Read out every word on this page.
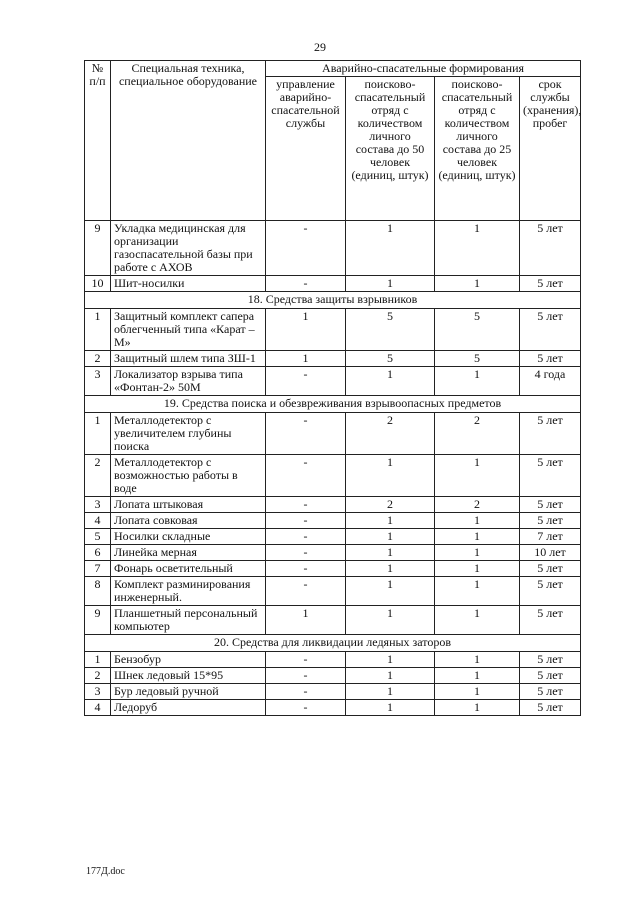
29
№
п/п	Специальная техника, специальное оборудование	Аварийно-спасательные формирования			
		управление аварийно-спасательной службы	поисково-спасательный отряд с количеством личного состава до 50 человек (единиц, штук)	поисково-спасательный отряд с количеством личного состава до 25 человек (единиц, штук)	срок службы (хранения), пробег
9	Укладка медицинская для организации газоспасательной базы при работе с АХОВ	-	1	1	5 лет
10	Шит-носилки	-	1	1	5 лет
18. Средства защиты взрывников					
1	Защитный комплект сапера облегченный типа «Карат –М»	1	5	5	5 лет
2	Защитный шлем типа ЗШ-1	1	5	5	5 лет
3	Локализатор взрыва типа «Фонтан-2» 50М	-	1	1	4 года
19. Средства поиска и обезвреживания взрывоопасных предметов					
1	Металлодетектор с увеличителем глубины поиска	-	2	2	5 лет
2	Металлодетектор с возможностью работы в воде	-	1	1	5 лет
3	Лопата штыковая	-	2	2	5 лет
4	Лопата совковая	-	1	1	5 лет
5	Носилки складные	-	1	1	7 лет
6	Линейка мерная	-	1	1	10 лет
7	Фонарь осветительный	-	1	1	5 лет
8	Комплект разминирования инженерный.	-	1	1	5 лет
9	Планшетный персональный компьютер	1	1	1	5 лет
20. Средства для ликвидации ледяных заторов					
1	Бензобур	-	1	1	5 лет
2	Шнек ледовый 15*95	-	1	1	5 лет
3	Бур ледовый ручной	-	1	1	5 лет
4	Ледоруб	-	1	1	5 лет
177Д.doc
